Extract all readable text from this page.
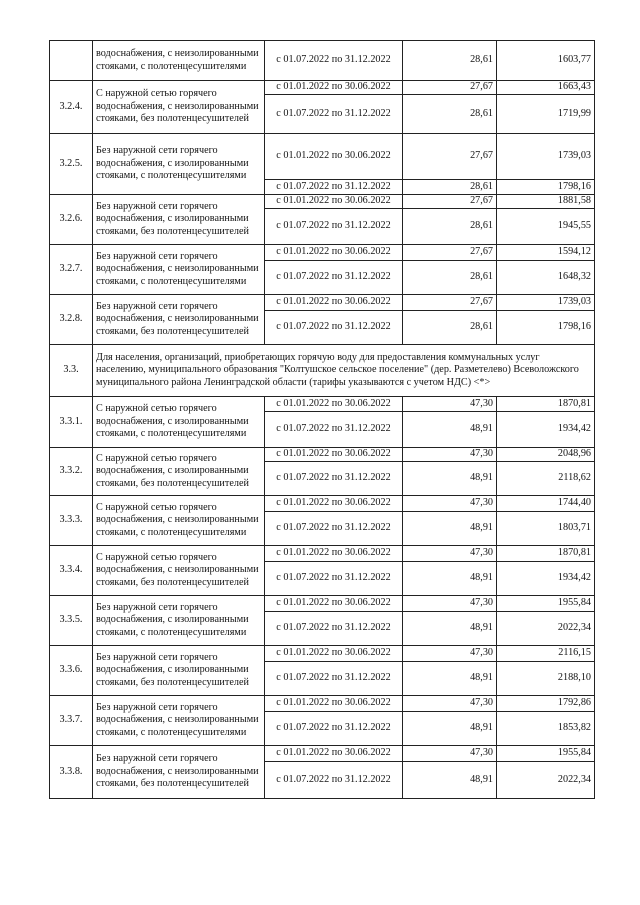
	водоснабжения, с неизолированными стояками, с полотенцесушителями	с 01.07.2022 по 31.12.2022	28,61	1603,77
3.2.4.	С наружной сетью горячего водоснабжения, с неизолированными стояками, без полотенцесушителей	с 01.01.2022 по 30.06.2022	27,67	1663,43
		с 01.07.2022 по 31.12.2022	28,61	1719,99
3.2.5.	Без наружной сети горячего водоснабжения, с изолированными стояками, с полотенцесушителями	с 01.01.2022 по 30.06.2022	27,67	1739,03
		с 01.07.2022 по 31.12.2022	28,61	1798,16
3.2.6.	Без наружной сети горячего водоснабжения, с изолированными стояками, без полотенцесушителей	с 01.01.2022 по 30.06.2022	27,67	1881,58
		с 01.07.2022 по 31.12.2022	28,61	1945,55
3.2.7.	Без наружной сети горячего водоснабжения, с неизолированными стояками, с полотенцесушителями	с 01.01.2022 по 30.06.2022	27,67	1594,12
		с 01.07.2022 по 31.12.2022	28,61	1648,32
3.2.8.	Без наружной сети горячего водоснабжения, с неизолированными стояками, без полотенцесушителей	с 01.01.2022 по 30.06.2022	27,67	1739,03
		с 01.07.2022 по 31.12.2022	28,61	1798,16
3.3.	Для населения, организаций, приобретающих горячую воду для предоставления коммунальных услуг населению, муниципального образования "Колтушское сельское поселение" (дер. Разметелево) Всеволожского муниципального района Ленинградской области (тарифы указываются с учетом НДС) <*>			
3.3.1.	С наружной сетью горячего водоснабжения, с изолированными стояками, с полотенцесушителями	с 01.01.2022 по 30.06.2022	47,30	1870,81
		с 01.07.2022 по 31.12.2022	48,91	1934,42
3.3.2.	С наружной сетью горячего водоснабжения, с изолированными стояками, без полотенцесушителей	с 01.01.2022 по 30.06.2022	47,30	2048,96
		с 01.07.2022 по 31.12.2022	48,91	2118,62
3.3.3.	С наружной сетью горячего водоснабжения, с неизолированными стояками, с полотенцесушителями	с 01.01.2022 по 30.06.2022	47,30	1744,40
		с 01.07.2022 по 31.12.2022	48,91	1803,71
3.3.4.	С наружной сетью горячего водоснабжения, с неизолированными стояками, без полотенцесушителей	с 01.01.2022 по 30.06.2022	47,30	1870,81
		с 01.07.2022 по 31.12.2022	48,91	1934,42
3.3.5.	Без наружной сети горячего водоснабжения, с изолированными стояками, с полотенцесушителями	с 01.01.2022 по 30.06.2022	47,30	1955,84
		с 01.07.2022 по 31.12.2022	48,91	2022,34
3.3.6.	Без наружной сети горячего водоснабжения, с изолированными стояками, без полотенцесушителей	с 01.01.2022 по 30.06.2022	47,30	2116,15
		с 01.07.2022 по 31.12.2022	48,91	2188,10
3.3.7.	Без наружной сети горячего водоснабжения, с неизолированными стояками, с полотенцесушителями	с 01.01.2022 по 30.06.2022	47,30	1792,86
		с 01.07.2022 по 31.12.2022	48,91	1853,82
3.3.8.	Без наружной сети горячего водоснабжения, с неизолированными стояками, без полотенцесушителей	с 01.01.2022 по 30.06.2022	47,30	1955,84
		с 01.07.2022 по 31.12.2022	48,91	2022,34
